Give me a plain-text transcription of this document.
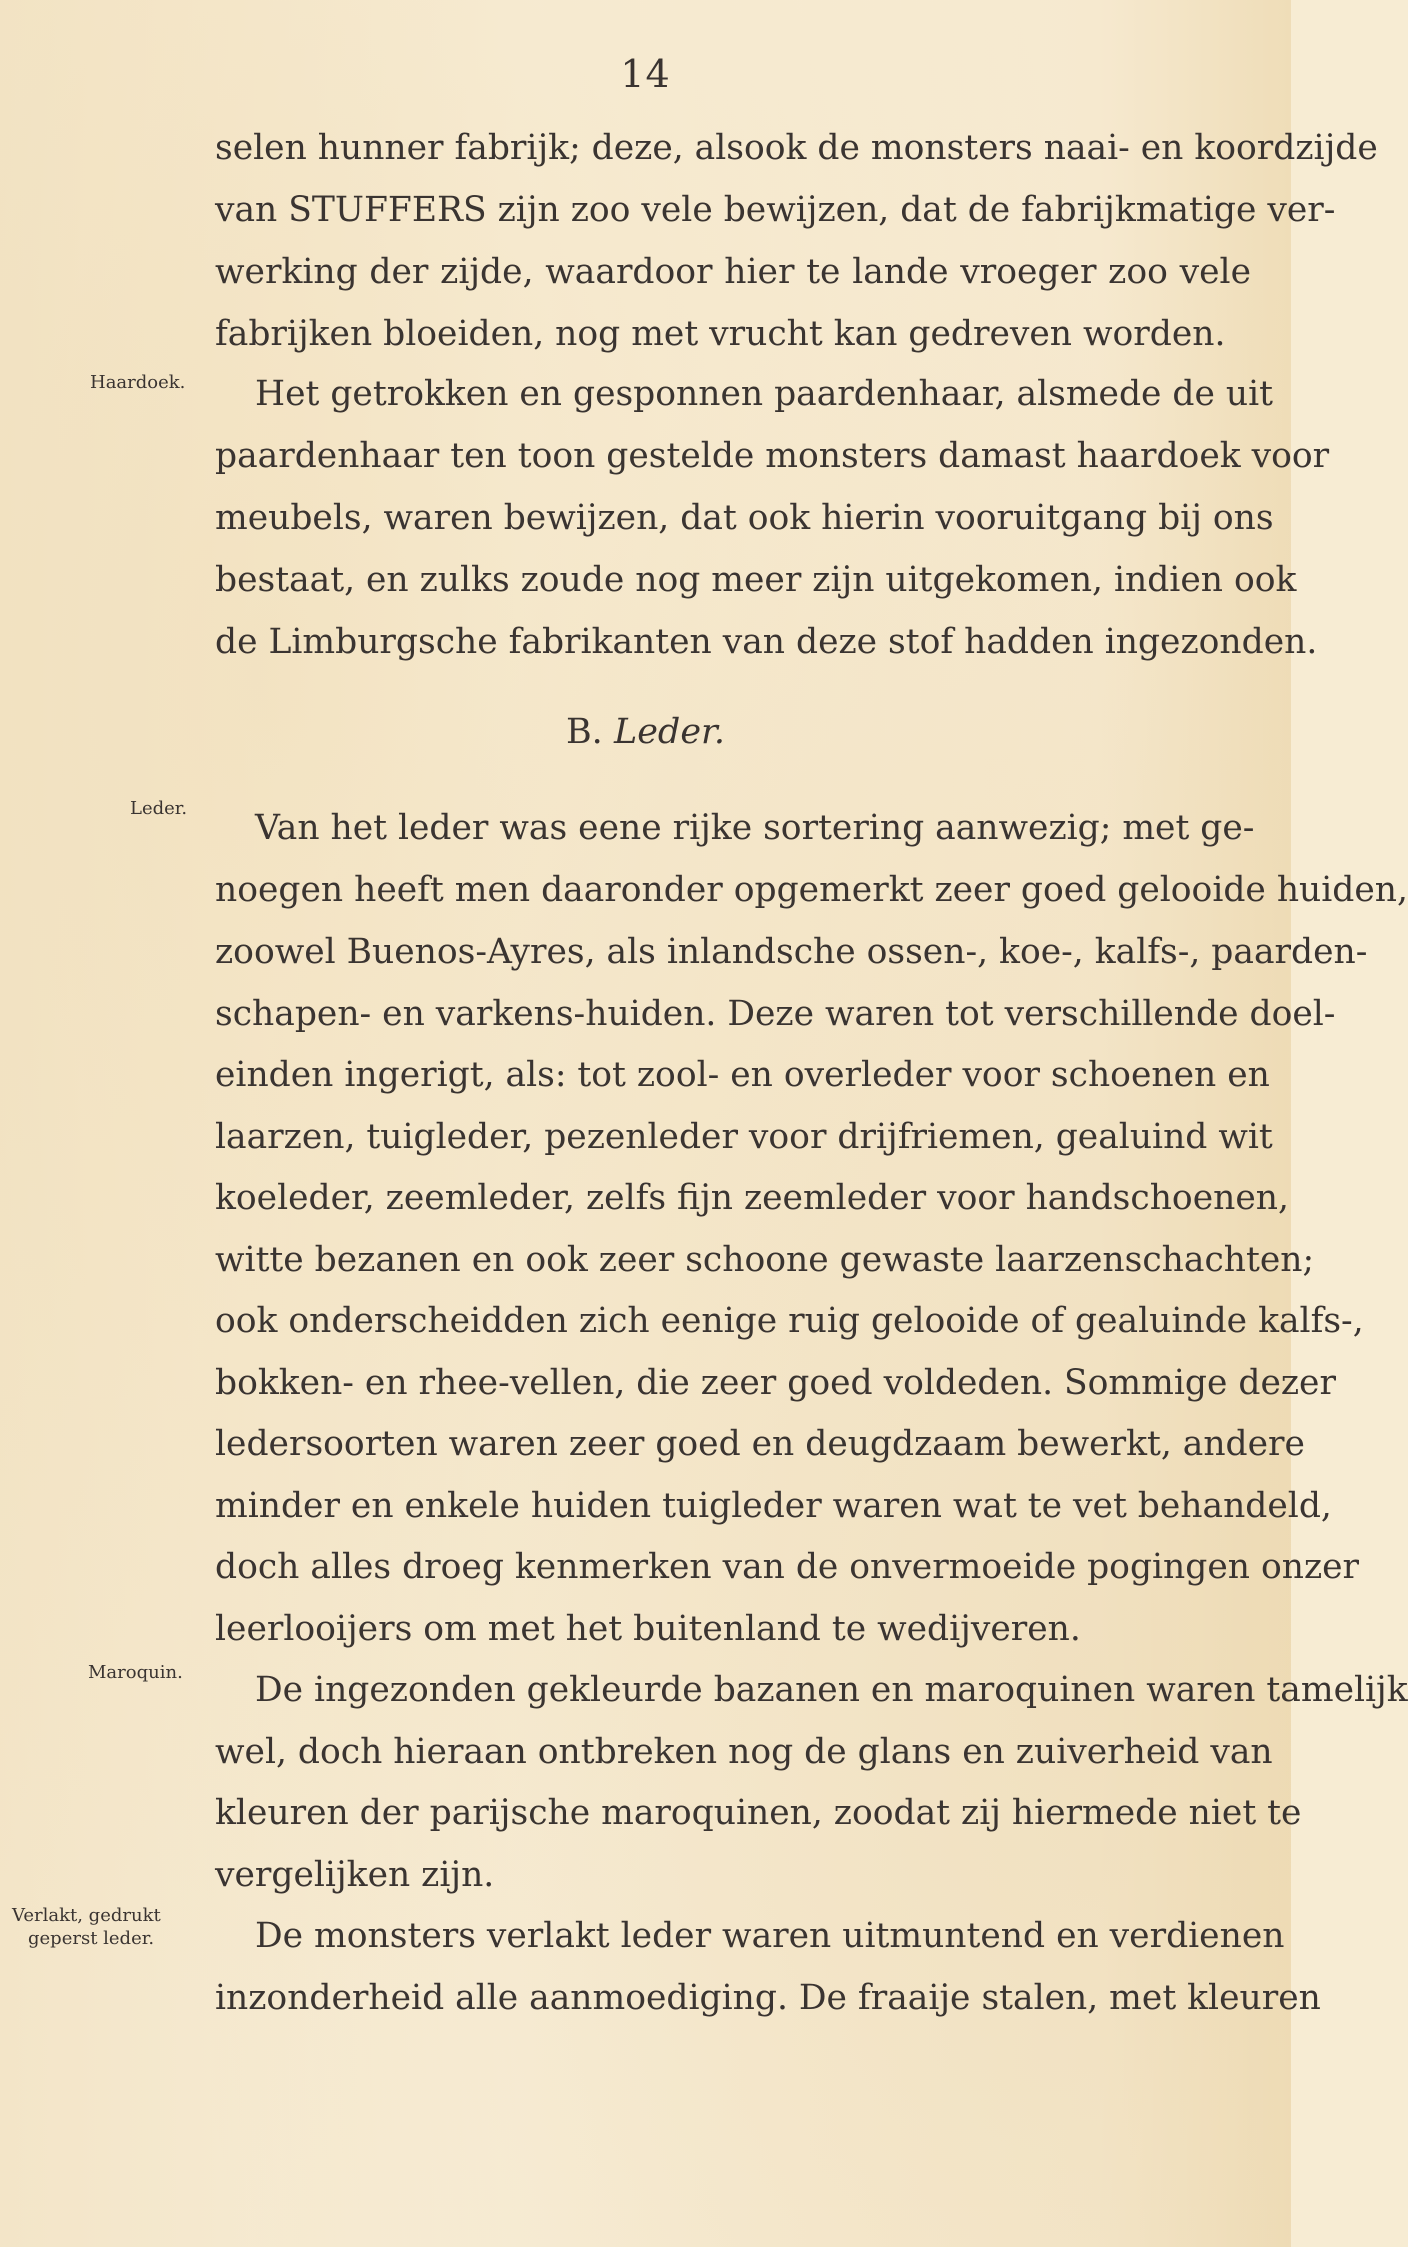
14
selen hunner fabrijk; deze, alsook de monsters naai- en koordzijde
van STUFFERS zijn zoo vele bewijzen, dat de fabrijkmatige ver-
werking der zijde, waardoor hier te lande vroeger zoo vele
fabrijken bloeiden, nog met vrucht kan gedreven worden.
Haardoek. Het getrokken en gesponnen paardenhaar, alsmede de uit
paardenhaar ten toon gestelde monsters damast haardoek voor
meubels, waren bewijzen, dat ook hierin vooruitgang bij ons
bestaat, en zulks zoude nog meer zijn uitgekomen, indien ook
de Limburgsche fabrikanten van deze stof hadden ingezonden.
B. Leder.
Leder. Van het leder was eene rijke sortering aanwezig; met ge-
noegen heeft men daaronder opgemerkt zeer goed gelooide huiden,
zoowel Buenos-Ayres, als inlandsche ossen-, koe-, kalfs-, paarden-
schapen- en varkens-huiden. Deze waren tot verschillende doel-
einden ingerigt, als: tot zool- en overleder voor schoenen en
laarzen, tuigleder, pezenleder voor drijfriemen, gealuind wit
koeleder, zeemleder, zelfs fijn zeemleder voor handschoenen,
witte bezanen en ook zeer schoone gewaste laarzenschachten;
ook onderscheidden zich eenige ruig gelooide of gealuinde kalfs-,
bokken- en rhee-vellen, die zeer goed voldeden. Sommige dezer
ledersoorten waren zeer goed en deugdzaam bewerkt, andere
minder en enkele huiden tuigleder waren wat te vet behandeld,
doch alles droeg kenmerken van de onvermoeide pogingen onzer
leerlooijers om met het buitenland te wedijveren.
Maroquin. De ingezonden gekleurde bazanen en maroquinen waren tamelijk
wel, doch hieraan ontbreken nog de glans en zuiverheid van
kleuren der parijsche maroquinen, zoodat zij hiermede niet te
vergelijken zijn.
Verlakt, gedrukt
geperst leder.	De monsters verlakt leder waren uitmuntend en verdienen
inzonderheid alle aanmoediging. De fraaije stalen, met kleuren
